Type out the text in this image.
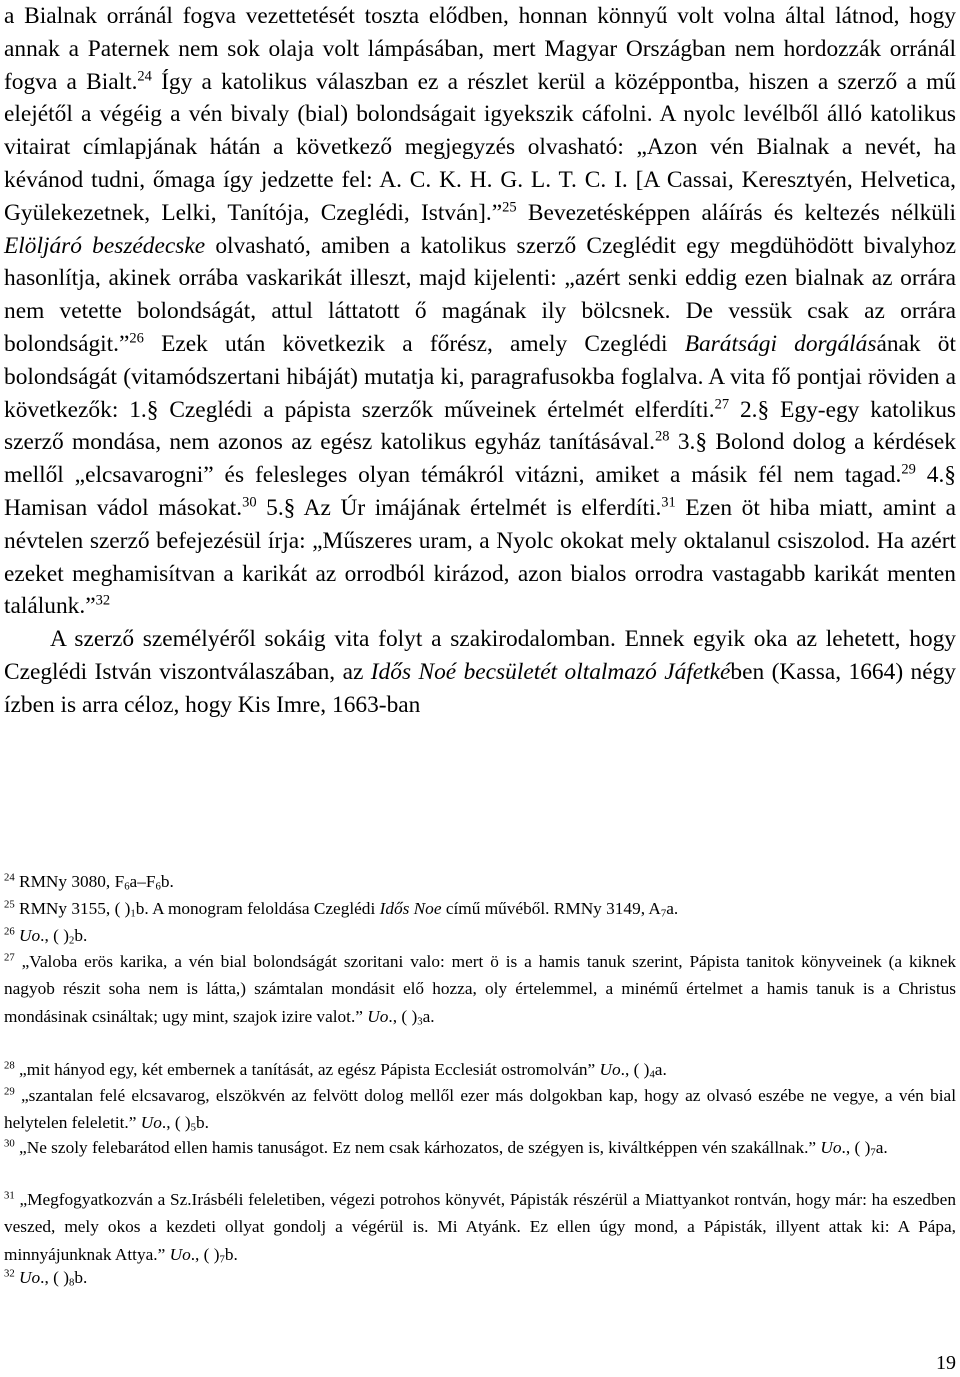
a Bialnak orránál fogva vezettetését toszta elődben, honnan könnyű volt volna által látnod, hogy annak a Paternek nem sok olaja volt lámpásában, mert Magyar Országban nem hordozzák orránál fogva a Bialt.$^{24}$ Így a katolikus válaszban ez a részlet kerül a középpontba, hiszen a szerző a mű elejétől a végéig a vén bivaly (bial) bolondságait igyekszik cáfolni. A nyolc levélből álló katolikus vitairat címlapjának hátán a következő megjegyzés olvasható: „Azon vén Bialnak a nevét, ha kévánod tudni, őmaga így jedzette fel: A. C. K. H. G. L. T. C. I. [A Cassai, Keresztyén, Helvetica, Gyülekezetnek, Lelki, Tanítója, Czeglédi, István].”$^{25}$ Bevezetésképpen aláírás és keltezés nélküli Elöljáró beszédecske olvasható, amiben a katolikus szerző Czeglédit egy megdühödött bivalyhoz hasonlítja, akinek orrába vaskarikát illeszt, majd kijelenti: „azért senki eddig ezen bialnak az orrára nem vetette bolondságát, attul láttatott ő magának ily bölcsnek. De vessük csak az orrára bolondságit.”$^{26}$ Ezek után következik a főrész, amely Czeglédi Barátsági dorgálásának öt bolondságát (vitamódszertani hibáját) mutatja ki, paragrafusokba foglalva. A vita fő pontjai röviden a következők: 1.§ Czeglédi a pápista szerzők műveinek értelmét elferdíti.$^{27}$ 2.§ Egy-egy katolikus szerző mondása, nem azonos az egész katolikus egyház tanításával.$^{28}$ 3.§ Bolond dolog a kérdések mellől „elcsavarogni” és felesleges olyan témákról vitázni, amiket a másik fél nem tagad.$^{29}$ 4.§ Hamisan vádol másokat.$^{30}$ 5.§ Az Úr imájának értelmét is elferdíti.$^{31}$ Ezen öt hiba miatt, amint a névtelen szerző befejezésül írja: „Műszeres uram, a Nyolc okokat mely oktalanul csiszolod. Ha azért ezeket meghamisítvan a karikát az orrodból kirázod, azon bialos orrodra vastagabb karikát menten találunk.”$^{32}$

A szerző személyéről sokáig vita folyt a szakirodalomban. Ennek egyik oka az lehetett, hogy Czeglédi István viszontválaszában, az Idős Noé becsületét oltalmazó Jáfetkében (Kassa, 1664) négy ízben is arra céloz, hogy Kis Imre, 1663-ban

$^{24}$ RMNy 3080, $F_6a-F_6b$.

$^{25}$ RMNy 3155, ( )$_1b$. A monogram feloldása Czeglédi Idős Noe című művéből. RMNy 3149, $A_7a$.

$^{26}$ Uo., ( )$_2b$.

$^{27}$ „Valoba erös karika, a vén bial bolondságát szoritani valo: mert ö is a hamis tanuk szerint, Pápista tanitok könyveinek (a kiknek nagyob részit soha nem is látta,) számtalan mondásit elő hozza, oly értelemmel, a minémű értelmet a hamis tanuk is a Christus mondásinak csináltak; ugy mint, szajok izire valot.” Uo., ( )$_3a$.

$^{28}$ „mit hányod egy, két embernek a tanítását, az egész Pápista Ecclesiát ostromolván” Uo., ( )$_4a$.

$^{29}$ „szantalan felé elcsavarog, elszökvén az felvött dolog mellől ezer más dolgokban kap, hogy az olvasó eszébe ne vegye, a vén bial helytelen feleletit.” Uo., ( )$_5b$.

$^{30}$ „Ne szoly felebarátod ellen hamis tanuságot. Ez nem csak kárhozatos, de szégyen is, kiváltképpen vén szakállnak.” Uo., ( )$_7a$.

$^{31}$ „Megfogyatkozván a Sz.Irásbéli feleletiben, végezi potrohos könyvét, Pápisták részérül a Miattyankot rontván, hogy már: ha eszedben veszed, mely okos a kezdeti ollyat gondolj a végérül is. Mi Atyánk. Ez ellen úgy mond, a Pápisták, illyent attak ki: A Pápa, minnyájunknak Attya.” Uo., ( )$_7b$.

$^{32}$ Uo., ( )$_8b$.

19
